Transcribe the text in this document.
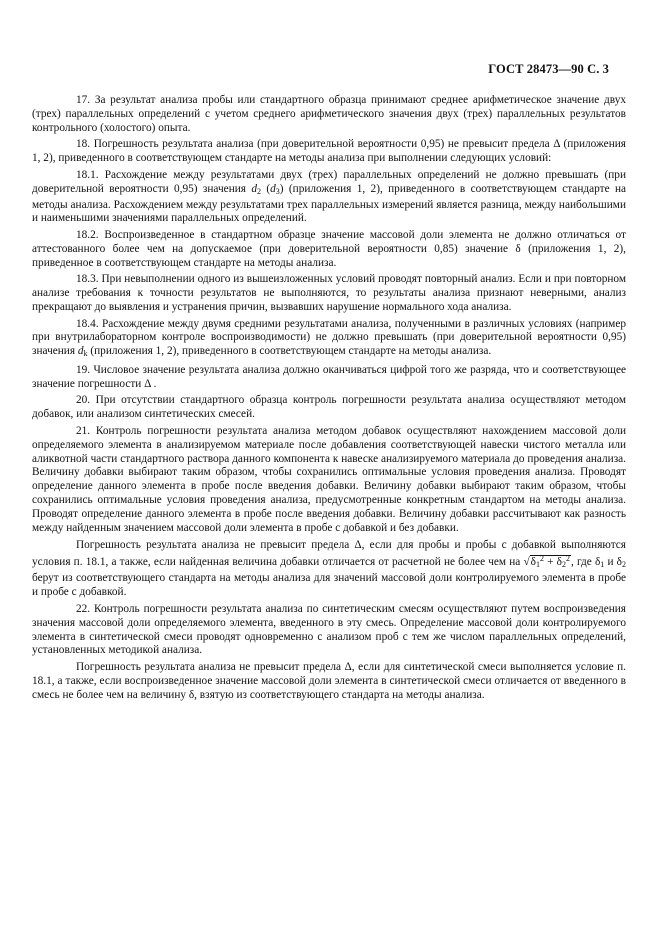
ГОСТ 28473—90 С. 3

17. За результат анализа пробы или стандартного образца принимают среднее арифметическое значение двух (трех) параллельных определений с учетом среднего арифметического значения двух (трех) параллельных результатов контрольного (холостого) опыта.

18. Погрешность результата анализа (при доверительной вероятности 0,95) не превысит предела Δ (приложения 1, 2), приведенного в соответствующем стандарте на методы анализа при выполнении следующих условий:

18.1. Расхождение между результатами двух (трех) параллельных определений не должно превышать (при доверительной вероятности 0,95) значения $d_2$ $(d_3)$ (приложения 1, 2), приведенного в соответствующем стандарте на методы анализа. Расхождением между результатами трех параллельных измерений является разница, между наибольшими и наименьшими значениями параллельных определений.

18.2. Воспроизведенное в стандартном образце значение массовой доли элемента не должно отличаться от аттестованного более чем на допускаемое (при доверительной вероятности 0,85) значение δ (приложения 1, 2), приведенное в соответствующем стандарте на методы анализа.

18.3. При невыполнении одного из вышеизложенных условий проводят повторный анализ. Если и при повторном анализе требования к точности результатов не выполняются, то результаты анализа признают неверными, анализ прекращают до выявления и устранения причин, вызвавших нарушение нормального хода анализа.

18.4. Расхождение между двумя средними результатами анализа, полученными в различных условиях (например при внутрилабораторном контроле воспроизводимости) не должно превышать (при доверительной вероятности 0,95) значения $d_k$ (приложения 1, 2), приведенного в соответствующем стандарте на методы анализа.

19. Числовое значение результата анализа должно оканчиваться цифрой того же разряда, что и соответствующее значение погрешности Δ .

20. При отсутствии стандартного образца контроль погрешности результата анализа осуществляют методом добавок, или анализом синтетических смесей.

21. Контроль погрешности результата анализа методом добавок осуществляют нахождением массовой доли определяемого элемента в анализируемом материале после добавления соответствующей навески чистого металла или аликвотной части стандартного раствора данного компонента к навеске анализируемого материала до проведения анализа. Величину добавки выбирают таким образом, чтобы сохранились оптимальные условия проведения анализа. Проводят определение данного элемента в пробе после введения добавки. Величину добавки выбирают таким образом, чтобы сохранились оптимальные условия проведения анализа, предусмотренные конкретным стандартом на методы анализа. Проводят определение данного элемента в пробе после введения добавки. Величину добавки рассчитывают как разность между найденным значением массовой доли элемента в пробе с добавкой и без добавки.

Погрешность результата анализа не превысит предела Δ, если для пробы и пробы с добавкой выполняются условия п. 18.1, а также, если найденная величина добавки отличается от расчетной не более чем на $√\delta_1^2 + \delta_2^2$, где $\delta_1$ и $\delta_2$ берут из соответствующего стандарта на методы анализа для значений массовой доли контролируемого элемента в пробе и пробе с добавкой.

22. Контроль погрешности результата анализа по синтетическим смесям осуществляют путем воспроизведения значения массовой доли определяемого элемента, введенного в эту смесь. Определение массовой доли контролируемого элемента в синтетической смеси проводят одновременно с анализом проб с тем же числом параллельных определений, установленных методикой анализа.

Погрешность результата анализа не превысит предела Δ, если для синтетической смеси выполняется условие п. 18.1, а также, если воспроизведенное значение массовой доли элемента в синтетической смеси отличается от введенного в смесь не более чем на величину δ, взятую из соответствующего стандарта на методы анализа.
